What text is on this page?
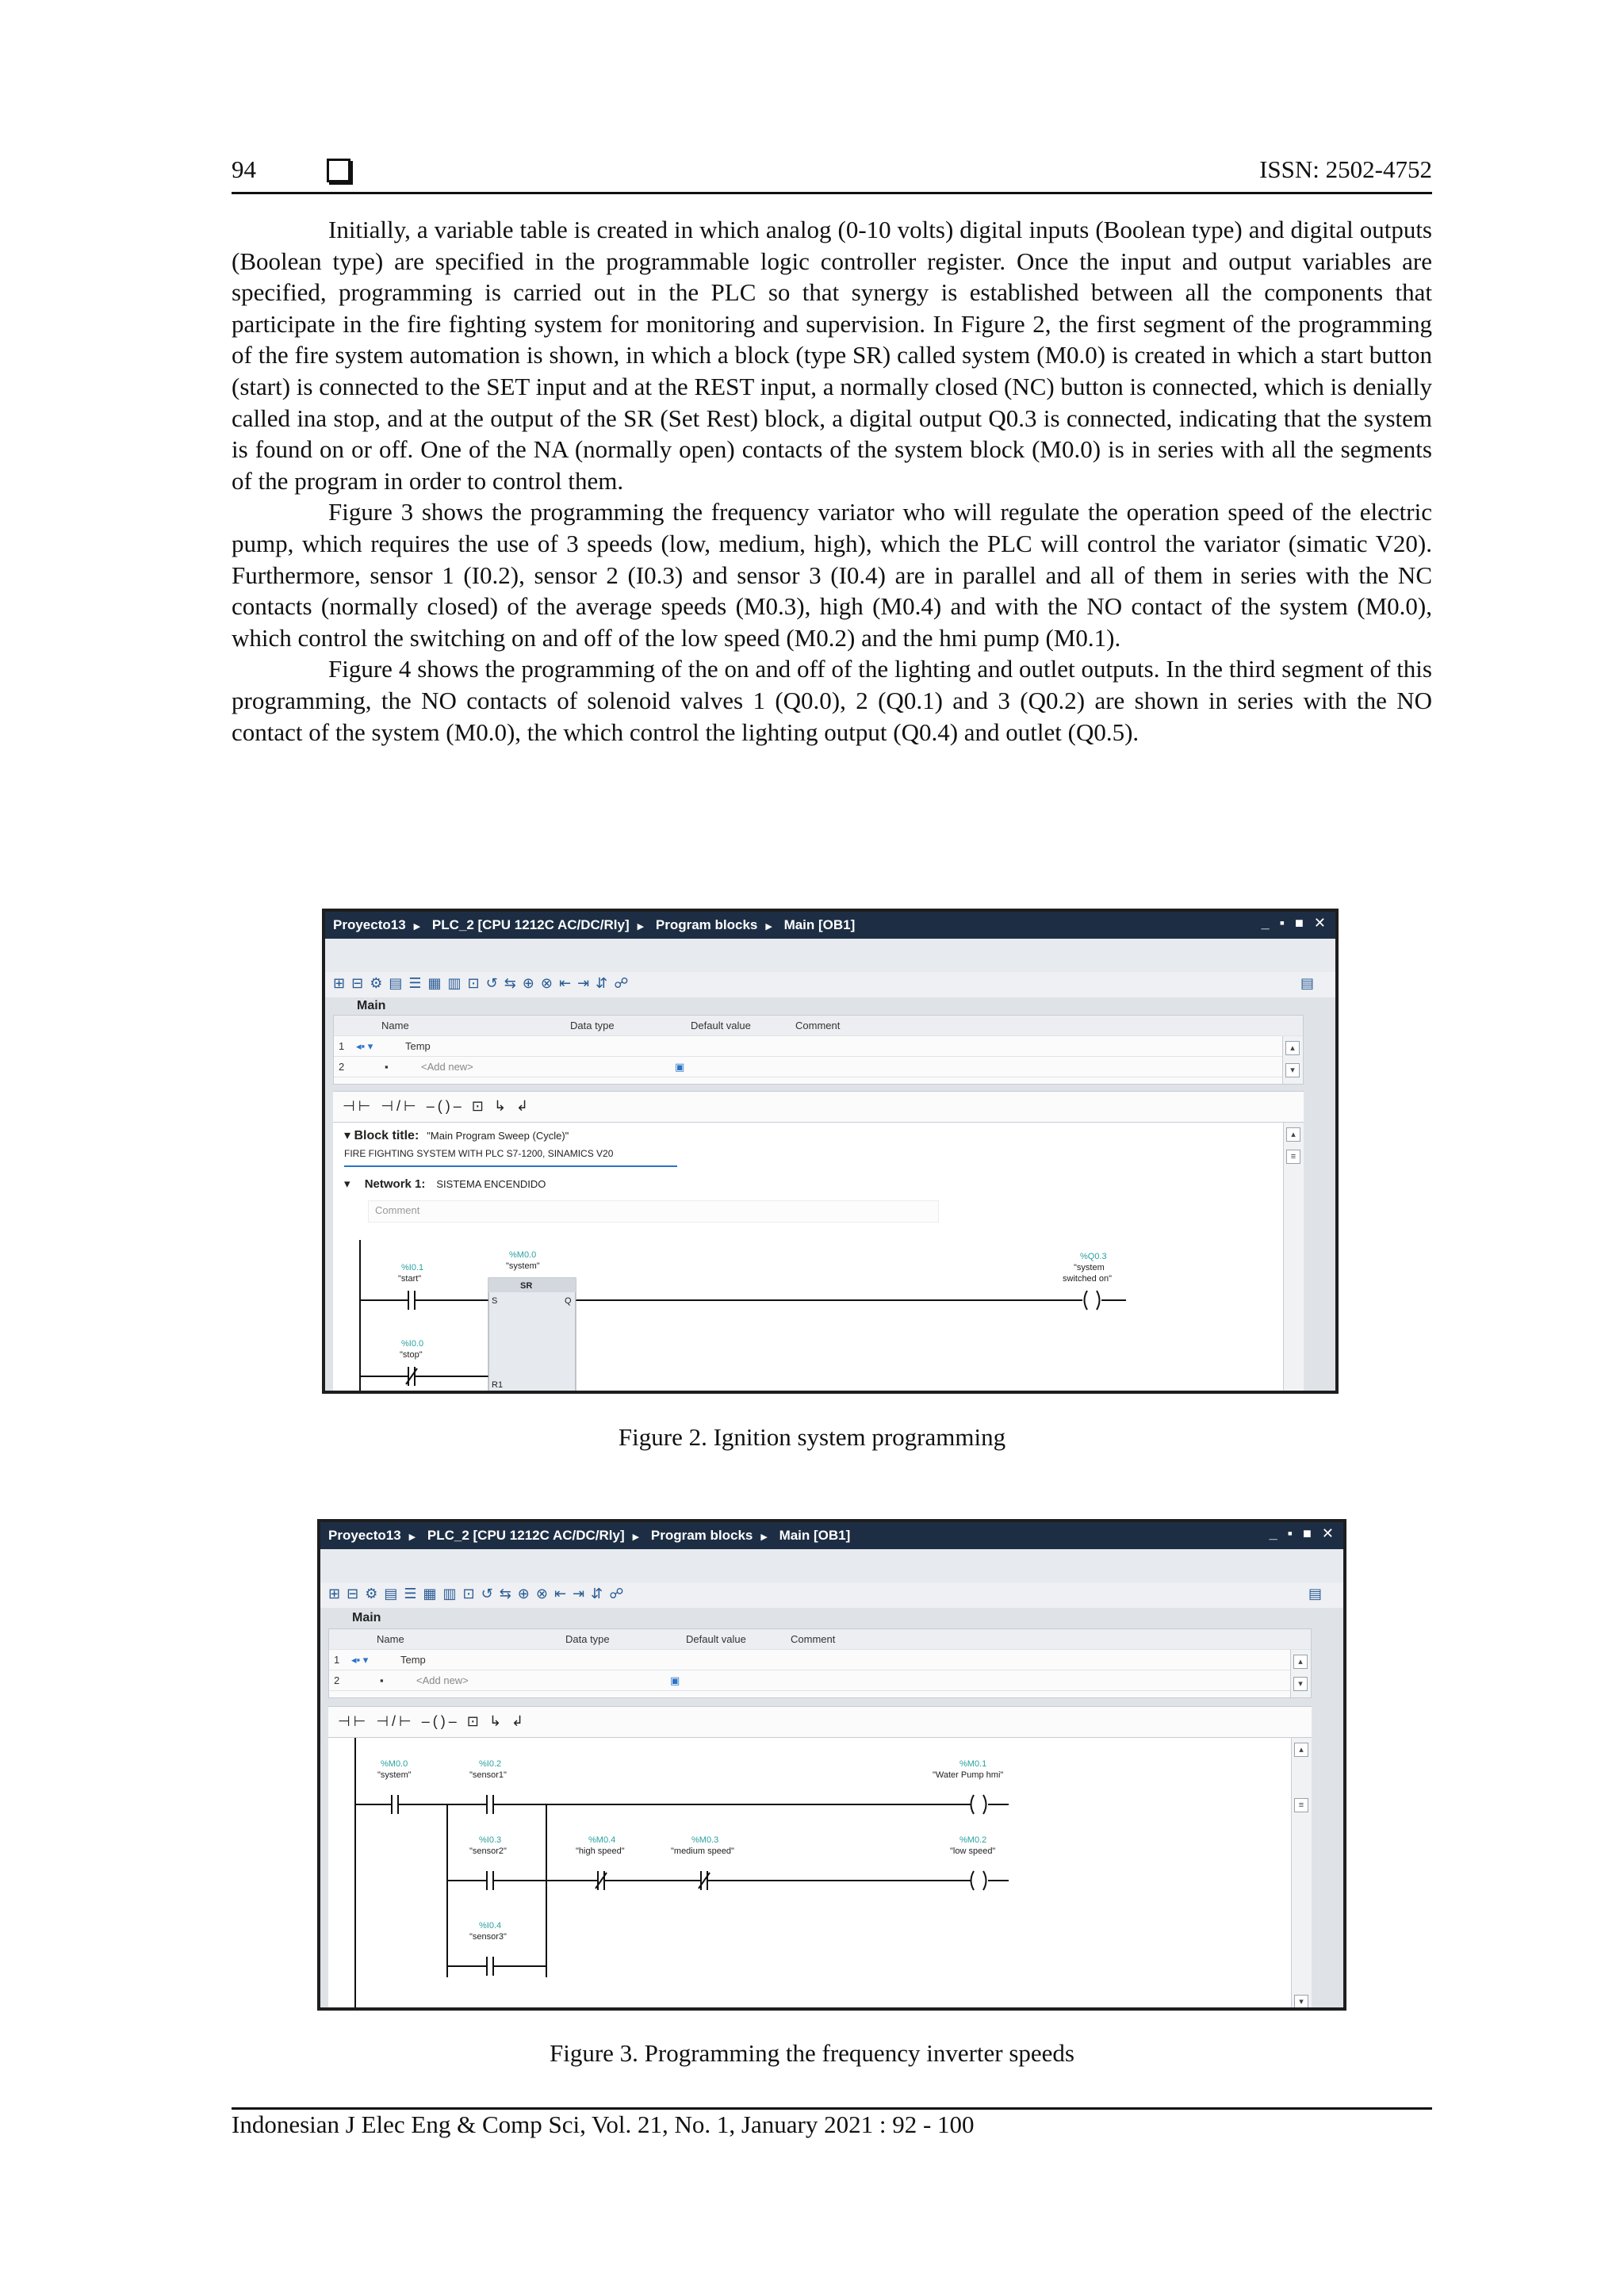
94	ISSN: 2502-4752

Initially, a variable table is created in which analog (0-10 volts) digital inputs (Boolean type) and digital outputs (Boolean type) are specified in the programmable logic controller register. Once the input and output variables are specified, programming is carried out in the PLC so that synergy is established between all the components that participate in the fire fighting system for monitoring and supervision. In Figure 2, the first segment of the programming of the fire system automation is shown, in which a block (type SR) called system (M0.0) is created in which a start button (start) is connected to the SET input and at the REST input, a normally closed (NC) button is connected, which is denially called ina stop, and at the output of the SR (Set Rest) block, a digital output Q0.3 is connected, indicating that the system is found on or off. One of the NA (normally open) contacts of the system block (M0.0) is in series with all the segments of the program in order to control them.

Figure 3 shows the programming the frequency variator who will regulate the operation speed of the electric pump, which requires the use of 3 speeds (low, medium, high), which the PLC will control the variator (simatic V20). Furthermore, sensor 1 (I0.2), sensor 2 (I0.3) and sensor 3 (I0.4) are in parallel and all of them in series with the NC contacts (normally closed) of the average speeds (M0.3), high (M0.4) and with the NO contact of the system (M0.0), which control the switching on and off of the low speed (M0.2) and the hmi pump (M0.1).

Figure 4 shows the programming of the on and off of the lighting and outlet outputs. In the third segment of this programming, the NO contacts of solenoid valves 1 (Q0.0), 2 (Q0.1) and 3 (Q0.2) are shown in series with the NO contact of the system (M0.0), the which control the lighting output (Q0.4) and outlet (Q0.5).

Proyecto13 ▶ PLC_2 [CPU 1212C AC/DC/Rly] ▶ Program blocks ▶ Main [OB1]	_ ▪ ■ ✕
⊞ ⊟ ⚙ ▤ ☰ ▦ ▥ ⊡ ↺ ⇆ ⊕ ⊗ ⇤ ⇥ ⇵ ☍	▤
Main
Name	Data type	Default value	Comment
1 ◂▪ ▾	Temp
2	▪	<Add new>	▣
▴
▾
⊣⊢ ⊣/⊢ –()– ⊡ ↳ ↲
▾ Block title: "Main Program Sweep (Cycle)"
FIRE FIGHTING SYSTEM WITH PLC S7-1200, SINAMICS V20
▾ Network 1: SISTEMA ENCENDIDO
Comment
▴
≡
SR
S	Q
R1
%M0.0
"system"
%I0.1
"start"
%I0.0
"stop"
%Q0.3
"system
switched on"
Figure 2. Ignition system programming
Proyecto13 ▶ PLC_2 [CPU 1212C AC/DC/Rly] ▶ Program blocks ▶ Main [OB1]	_ ▪ ■ ✕
⊞ ⊟ ⚙ ▤ ☰ ▦ ▥ ⊡ ↺ ⇆ ⊕ ⊗ ⇤ ⇥ ⇵ ☍	▤
Main
Name	Data type	Default value	Comment
1 ◂▪ ▾	Temp
2	▪	<Add new>	▣
▴
▾
⊣⊢ ⊣/⊢ –()– ⊡ ↳ ↲
▴
≡
▾
%M0.0
"system"
%I0.2
"sensor1"
%M0.1
"Water Pump hmi"
%I0.3
"sensor2"
%M0.4
"high speed"
%M0.3
"medium speed"
%M0.2
"low speed"
%I0.4
"sensor3"
Figure 3. Programming the frequency inverter speeds
Indonesian J Elec Eng & Comp Sci, Vol. 21, No. 1, January 2021 : 92 - 100
